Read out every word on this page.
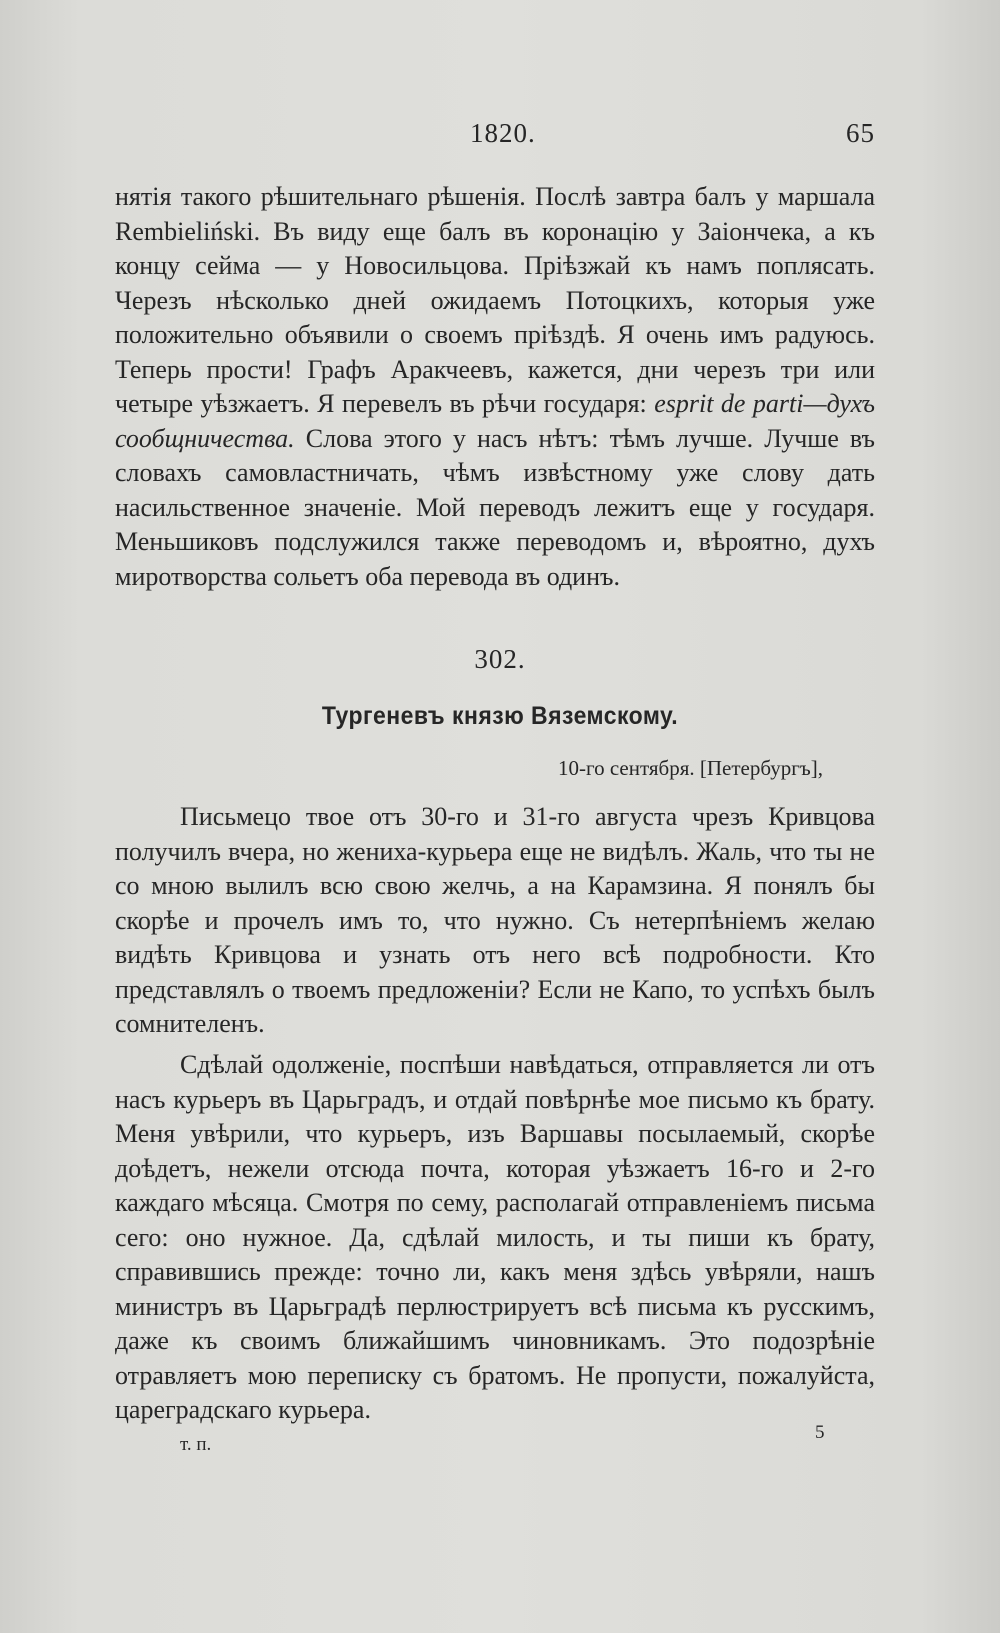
1820.	65

нятія такого рѣшительнаго рѣшенія. Послѣ завтра балъ у маршала Rembieliński. Въ виду еще балъ въ коронацію у Заіончека, а къ концу сейма — у Новосильцова. Пріѣзжай къ намъ поплясать. Черезъ нѣсколько дней ожидаемъ Потоцкихъ, которыя уже положительно объявили о своемъ пріѣздѣ. Я очень имъ радуюсь. Теперь прости! Графъ Аракчеевъ, кажется, дни черезъ три или четыре уѣзжаетъ. Я перевелъ въ рѣчи государя: esprit de parti—духъ сообщничества. Слова этого у насъ нѣтъ: тѣмъ лучше. Лучше въ словахъ самовластничать, чѣмъ извѣстному уже слову дать насильственное значеніе. Мой переводъ лежитъ еще у государя. Меньшиковъ подслужился также переводомъ и, вѣроятно, духъ миротворства сольетъ оба перевода въ одинъ.

302.
Тургеневъ князю Вяземскому.
10-го сентября. [Петербургъ],

Письмецо твое отъ 30-го и 31-го августа чрезъ Кривцова получилъ вчера, но жениха-курьера еще не видѣлъ. Жаль, что ты не со мною вылилъ всю свою желчь, а на Карамзина. Я понялъ бы скорѣе и прочелъ имъ то, что нужно. Съ нетерпѣніемъ желаю видѣть Кривцова и узнать отъ него всѣ подробности. Кто представлялъ о твоемъ предложеніи? Если не Капо, то успѣхъ былъ сомнителенъ.

Сдѣлай одолженіе, поспѣши навѣдаться, отправляется ли отъ насъ курьеръ въ Царьградъ, и отдай повѣрнѣе мое письмо къ брату. Меня увѣрили, что курьеръ, изъ Варшавы посылаемый, скорѣе доѣдетъ, нежели отсюда почта, которая уѣзжаетъ 16-го и 2-го каждаго мѣсяца. Смотря по сему, располагай отправленіемъ письма сего: оно нужное. Да, сдѣлай милость, и ты пиши къ брату, справившись прежде: точно ли, какъ меня здѣсь увѣряли, нашъ министръ въ Царьградѣ перлюстрируетъ всѣ письма къ русскимъ, даже къ своимъ ближайшимъ чиновникамъ. Это подозрѣніе отравляетъ мою переписку съ братомъ. Не пропусти, пожалуйста, цареградскаго курьера.

т. п.
5
